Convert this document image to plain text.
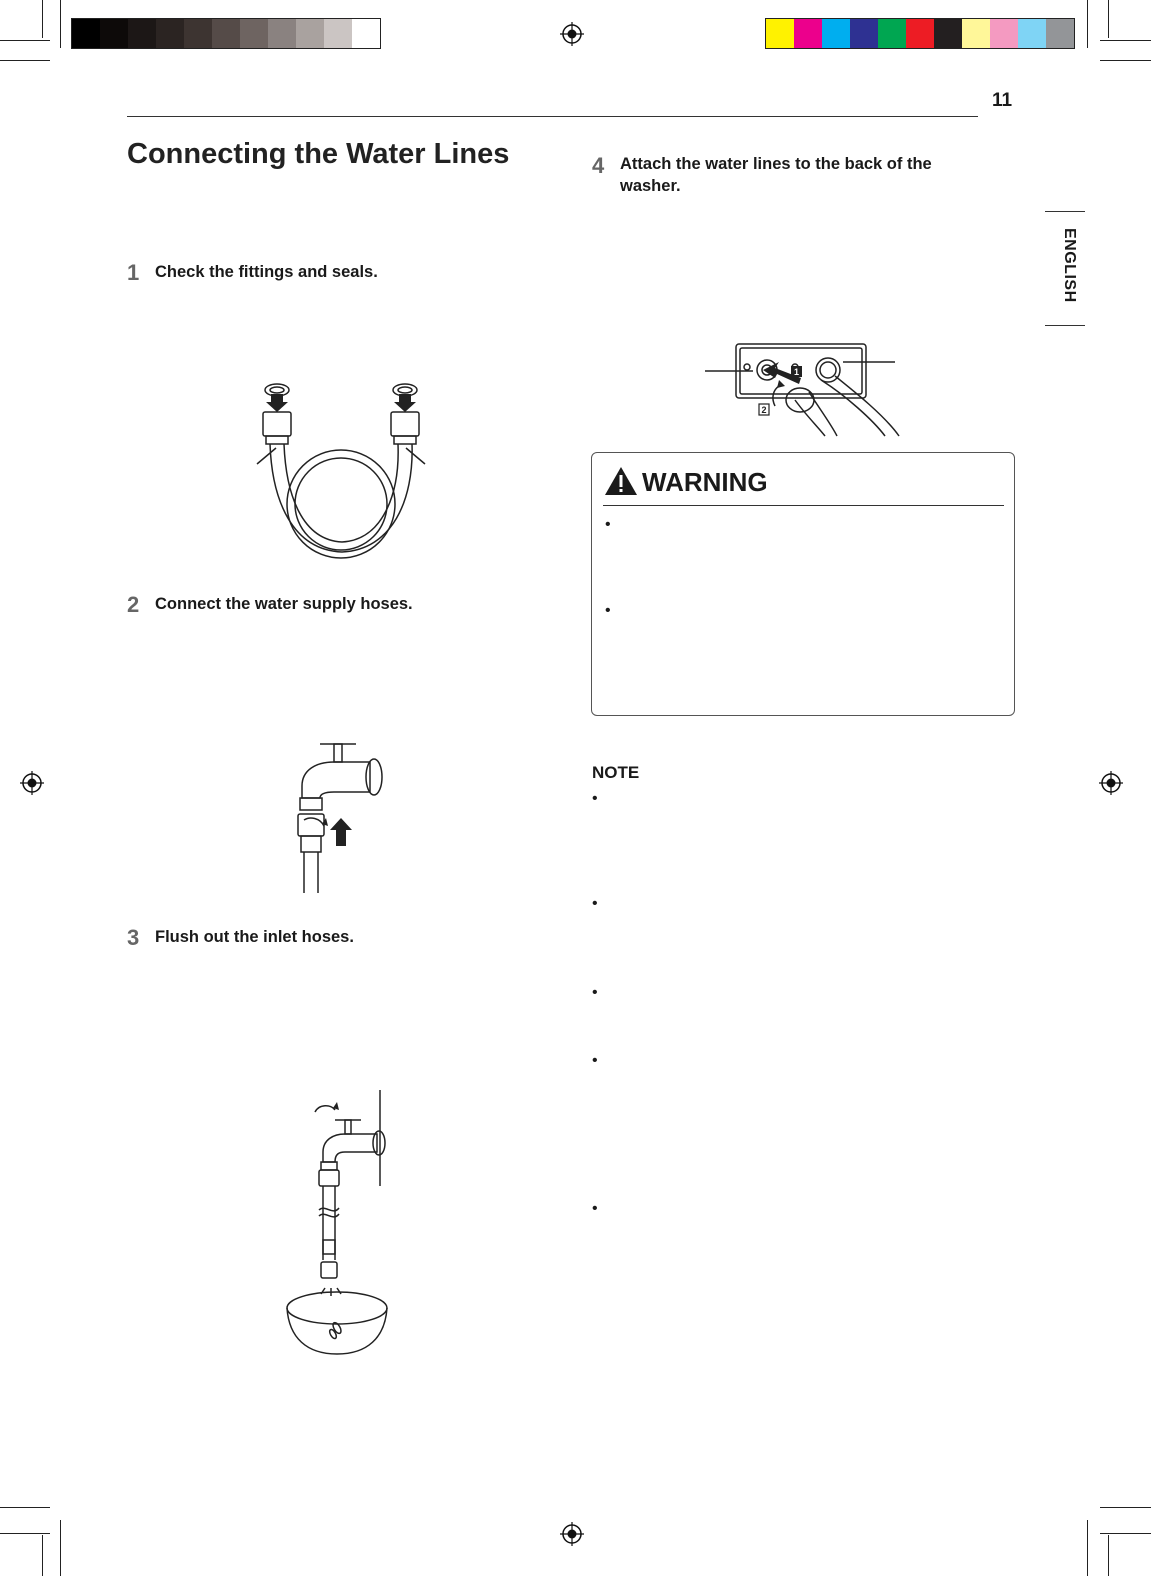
11
ENGLISH
Connecting the Water Lines
1 Check the fittings and seals.
2 Connect the water supply hoses.
3 Flush out the inlet hoses.
4 Attach the water lines to the back of the washer.
1
2
WARNING
•
•
NOTE
•
•
•
•
•
